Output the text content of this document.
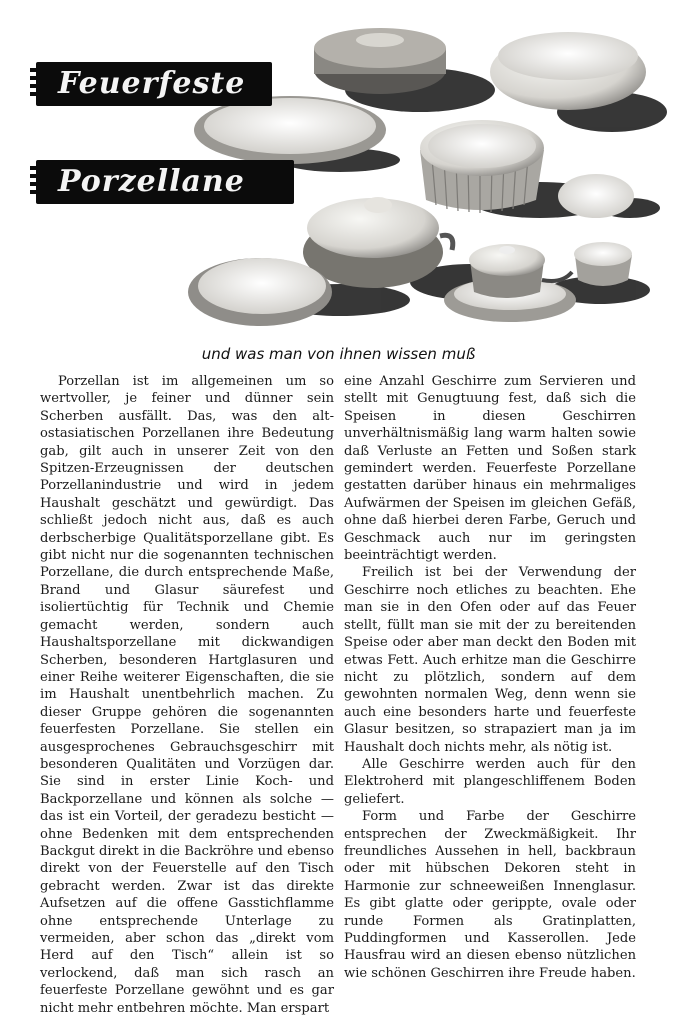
Feuerfeste
Porzellane
und was man von ihnen wissen muß

Porzellan ist im allgemeinen um so wertvoller, je feiner und dünner sein Scherben ausfällt. Das, was den alt-ostasiatischen Porzellanen ihre Bedeutung gab, gilt auch in unserer Zeit von den Spitzen-Erzeugnissen der deutschen Porzellanindustrie und wird in jedem Haushalt geschätzt und gewürdigt. Das schließt jedoch nicht aus, daß es auch derbscherbige Qualitätsporzellane gibt. Es gibt nicht nur die sogenannten technischen Porzellane, die durch entsprechende Maße, Brand und Glasur säurefest und isoliertüchtig für Technik und Chemie gemacht werden, sondern auch Haushaltsporzellane mit dickwandigen Scherben, besonderen Hartglasuren und einer Reihe weiterer Eigenschaften, die sie im Haushalt unentbehrlich machen. Zu dieser Gruppe gehören die sogenannten feuerfesten Porzellane. Sie stellen ein ausgesprochenes Gebrauchsgeschirr mit besonderen Qualitäten und Vorzügen dar. Sie sind in erster Linie Koch- und Backporzellane und können als solche — das ist ein Vorteil, der geradezu besticht — ohne Bedenken mit dem entsprechenden Backgut direkt in die Backröhre und ebenso direkt von der Feuerstelle auf den Tisch gebracht werden. Zwar ist das direkte Aufsetzen auf die offene Gasstichflamme ohne entsprechende Unterlage zu vermeiden, aber schon das „direkt vom Herd auf den Tisch“ allein ist so verlockend, daß man sich rasch an feuerfeste Porzellane gewöhnt und es gar nicht mehr entbehren möchte. Man erspart

eine Anzahl Geschirre zum Servieren und stellt mit Genugtuung fest, daß sich die Speisen in diesen Geschirren unverhältnismäßig lang warm halten sowie daß Verluste an Fetten und Soßen stark gemindert werden. Feuerfeste Porzellane gestatten darüber hinaus ein mehrmaliges Aufwärmen der Speisen im gleichen Gefäß, ohne daß hierbei deren Farbe, Geruch und Geschmack auch nur im geringsten beeinträchtigt werden.

Freilich ist bei der Verwendung der Geschirre noch etliches zu beachten. Ehe man sie in den Ofen oder auf das Feuer stellt, füllt man sie mit der zu bereitenden Speise oder aber man deckt den Boden mit etwas Fett. Auch erhitze man die Geschirre nicht zu plötzlich, sondern auf dem gewohnten normalen Weg, denn wenn sie auch eine besonders harte und feuerfeste Glasur besitzen, so strapaziert man ja im Haushalt doch nichts mehr, als nötig ist.

Alle Geschirre werden auch für den Elektroherd mit plangeschliffenem Boden geliefert.

Form und Farbe der Geschirre entsprechen der Zweckmäßigkeit. Ihr freundliches Aussehen in hell, backbraun oder mit hübschen Dekoren steht in Harmonie zur schneeweißen Innenglasur. Es gibt glatte oder gerippte, ovale oder runde Formen als Gratinplatten, Puddingformen und Kasserollen. Jede Hausfrau wird an diesen ebenso nützlichen wie schönen Geschirren ihre Freude haben.
